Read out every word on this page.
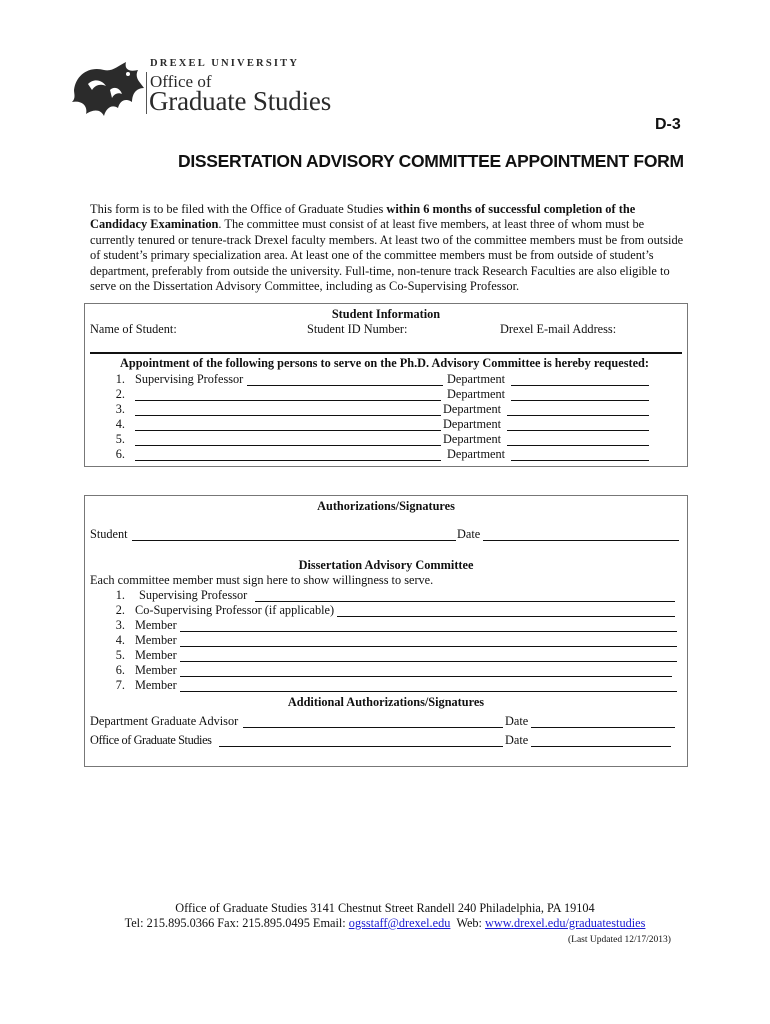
DREXEL UNIVERSITY
Office of
Graduate Studies
D-3
DISSERTATION ADVISORY COMMITTEE APPOINTMENT FORM
This form is to be filed with the Office of Graduate Studies within 6 months of successful completion of the Candidacy Examination. The committee must consist of at least five members, at least three of whom must be currently tenured or tenure-track Drexel faculty members. At least two of the committee members must be from outside of student’s primary specialization area. At least one of the committee members must be from outside of student’s department, preferably from outside the university. Full-time, non-tenure track Research Faculties are also eligible to serve on the Dissertation Advisory Committee, including as Co-Supervising Professor.
Student Information
Name of Student:	Student ID Number:	Drexel E-mail Address:
Appointment of the following persons to serve on the Ph.D. Advisory Committee is hereby requested:
1. Supervising Professor	Department
2.	Department
3.	Department
4.	Department
5.	Department
6.	Department
Authorizations/Signatures
Student	Date
Dissertation Advisory Committee
Each committee member must sign here to show willingness to serve.
1. Supervising Professor
2. Co-Supervising Professor (if applicable)
3. Member
4. Member
5. Member
6. Member
7. Member
Additional Authorizations/Signatures
Department Graduate Advisor	Date
Office of Graduate Studies	Date
Office of Graduate Studies 3141 Chestnut Street Randell 240 Philadelphia, PA 19104
Tel: 215.895.0366 Fax: 215.895.0495 Email: ogsstaff@drexel.edu  Web: www.drexel.edu/graduatestudies
(Last Updated 12/17/2013)
